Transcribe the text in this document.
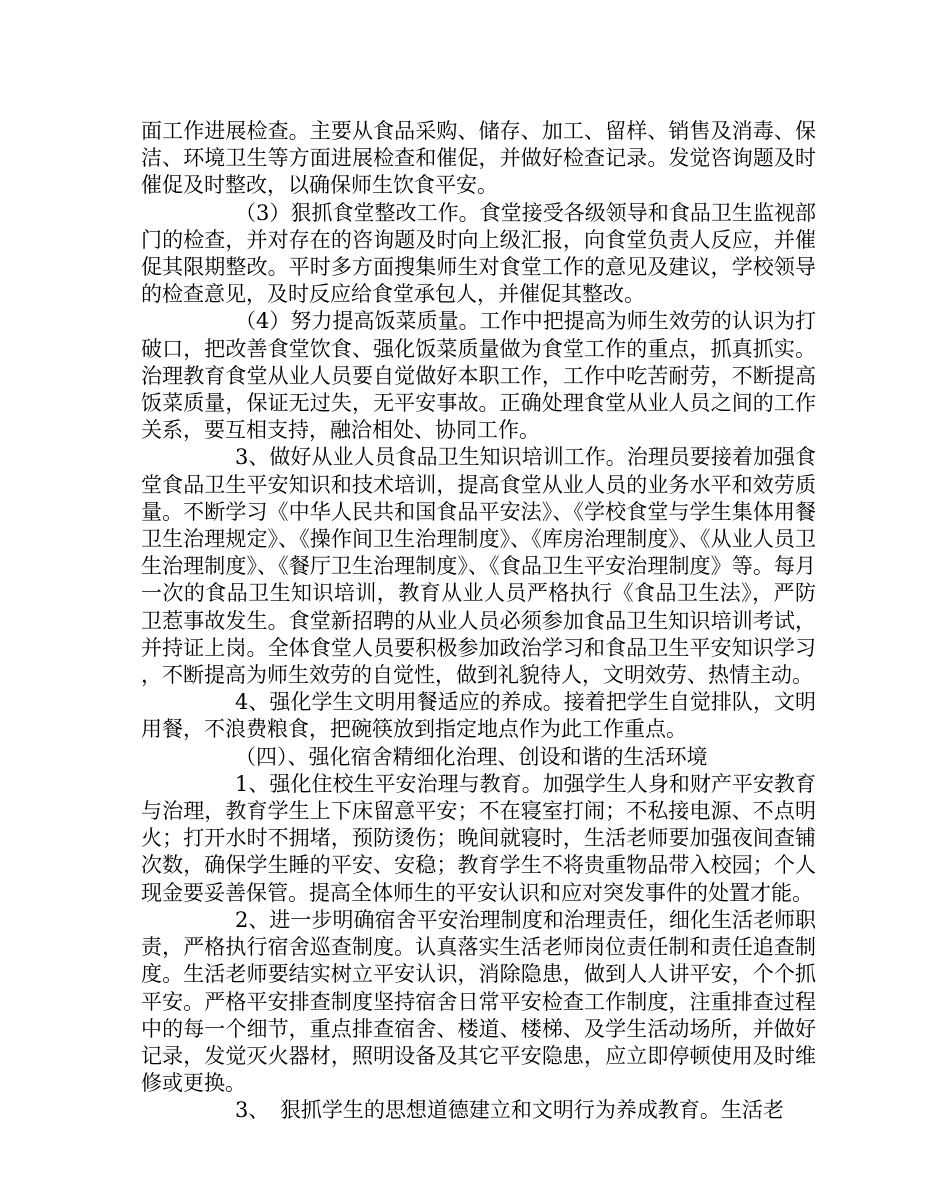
面工作进展检查。主要从食品采购、储存、加工、留样、销售及消毒、保洁、环境卫生等方面进展检查和催促，并做好检查记录。发觉咨询题及时催促及时整改，以确保师生饮食平安。

（3）狠抓食堂整改工作。食堂接受各级领导和食品卫生监视部门的检查，并对存在的咨询题及时向上级汇报，向食堂负责人反应，并催促其限期整改。平时多方面搜集师生对食堂工作的意见及建议，学校领导的检查意见，及时反应给食堂承包人，并催促其整改。

（4）努力提高饭菜质量。工作中把提高为师生效劳的认识为打破口，把改善食堂饮食、强化饭菜质量做为食堂工作的重点，抓真抓实。治理教育食堂从业人员要自觉做好本职工作，工作中吃苦耐劳，不断提高饭菜质量，保证无过失，无平安事故。正确处理食堂从业人员之间的工作关系，要互相支持，融洽相处、协同工作。

3、做好从业人员食品卫生知识培训工作。治理员要接着加强食堂食品卫生平安知识和技术培训，提高食堂从业人员的业务水平和效劳质量。不断学习《中华人民共和国食品平安法》、《学校食堂与学生集体用餐卫生治理规定》、《操作间卫生治理制度》、《库房治理制度》、《从业人员卫生治理制度》、《餐厅卫生治理制度》、《食品卫生平安治理制度》等。每月一次的食品卫生知识培训，教育从业人员严格执行《食品卫生法》，严防卫惹事故发生。食堂新招聘的从业人员必须参加食品卫生知识培训考试，并持证上岗。全体食堂人员要积极参加政治学习和食品卫生平安知识学习，不断提高为师生效劳的自觉性，做到礼貌待人，文明效劳、热情主动。

4、强化学生文明用餐适应的养成。接着把学生自觉排队，文明用餐，不浪费粮食，把碗筷放到指定地点作为此工作重点。

（四）、强化宿舍精细化治理、创设和谐的生活环境

1、强化住校生平安治理与教育。加强学生人身和财产平安教育与治理，教育学生上下床留意平安；不在寝室打闹；不私接电源、不点明火；打开水时不拥堵，预防烫伤；晚间就寝时，生活老师要加强夜间查铺次数，确保学生睡的平安、安稳；教育学生不将贵重物品带入校园；个人现金要妥善保管。提高全体师生的平安认识和应对突发事件的处置才能。

2、进一步明确宿舍平安治理制度和治理责任，细化生活老师职责，严格执行宿舍巡查制度。认真落实生活老师岗位责任制和责任追查制度。生活老师要结实树立平安认识，消除隐患，做到人人讲平安，个个抓平安。严格平安排查制度坚持宿舍日常平安检查工作制度，注重排查过程中的每一个细节，重点排查宿舍、楼道、楼梯、及学生活动场所，并做好记录，发觉灭火器材，照明设备及其它平安隐患，应立即停顿使用及时维修或更换。

3、　狠抓学生的思想道德建立和文明行为养成教育。生活老
